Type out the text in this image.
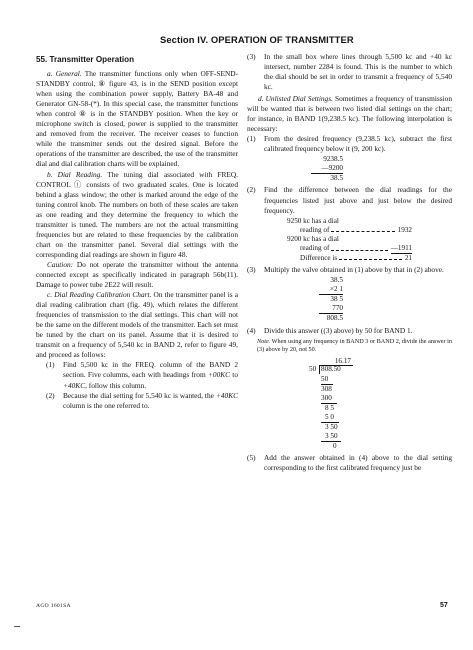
Section IV. OPERATION OF TRANSMITTER
55. Transmitter Operation

a. General. The transmitter functions only when OFF-SEND-STANDBY control, ⑧ figure 43, is in the SEND position except when using the combination power supply, Battery BA-48 and Generator GN-58-(*). In this special case, the transmitter functions when control ⑧ is in the STANDBY position. When the key or microphone switch is closed, power is supplied to the transmitter and removed from the receiver. The receiver ceases to function while the transmitter sends out the desired signal. Before the operations of the transmitter are described, the use of the transmitter dial and dial calibration charts will be explained.

b. Dial Reading. The tuning dial associated with FREQ. CONTROL ⓘ consists of two graduated scales. One is located behind a glass window; the other is marked around the edge of the tuning control knob. The numbers on both of these scales are taken as one reading and they determine the frequency to which the transmitter is tuned. The numbers are not the actual transmitting frequencies but are related to these frequencies by the calibration chart on the transmitter panel. Several dial settings with the corresponding dial readings are shown in figure 48.

Caution: Do not operate the transmitter without the antenna connected except as specifically indicated in paragraph 56b(11). Damage to power tube 2E22 will result.

c. Dial Reading Calibration Chart. On the transmitter panel is a dial reading calibration chart (fig. 49), which relates the different frequencies of transmission to the dial settings. This chart will not be the same on the different models of the transmitter. Each set must be tuned by the chart on its panel. Assume that it is desired to transmit on a frequency of 5,540 kc in BAND 2, refer to figure 49, and proceed as follows:

(1)	Find 5,500 kc in the FREQ. column of the BAND 2 section. Five columns, each with headings from +00KC to +40KC, follow this column.
(2)	Because the dial setting for 5,540 kc is wanted, the +40KC column is the one referred to.
(3)	In the small box where lines through 5,500 kc and +40 kc intersect, number 2284 is found. This is the number to which the dial should be set in order to transmit a frequency of 5,540 kc.

d. Unlisted Dial Settings. Sometimes a frequency of transmission will be wanted that is between two listed dial settings on the chart; for instance, in BAND 1(9,238.5 kc). The following interpolation is necessary:

(1)	From the desired frequency (9,238.5 kc), subtract the first calibrated frequency below it (9, 200 kc).
9238.5
—9200
38.5
(2)	Find the difference between the dial readings for the frequencies listed just above and just below the desired frequency.
9250 kc has a dial
reading of	1932
9200 kc has a dial
reading of	—1911
Difference is	21
(3)	Multiply the valve obtained in (1) above by that in (2) above.
38.5
×2 1
38 5
770
808.5
(4)	Divide this answer ((3) above) by 50 for BAND 1.
Note. When using any frequency in BAND 3 or BAND 2, divide the answer in (3) above by 20, not 50.
16.17
50 808.50
50
308
300
8 5
5 0
3 50
3 50
0
(5)	Add the answer obtained in (4) above to the dial setting corresponding to the first calibrated frequency just be
AGO 1601SA	57
